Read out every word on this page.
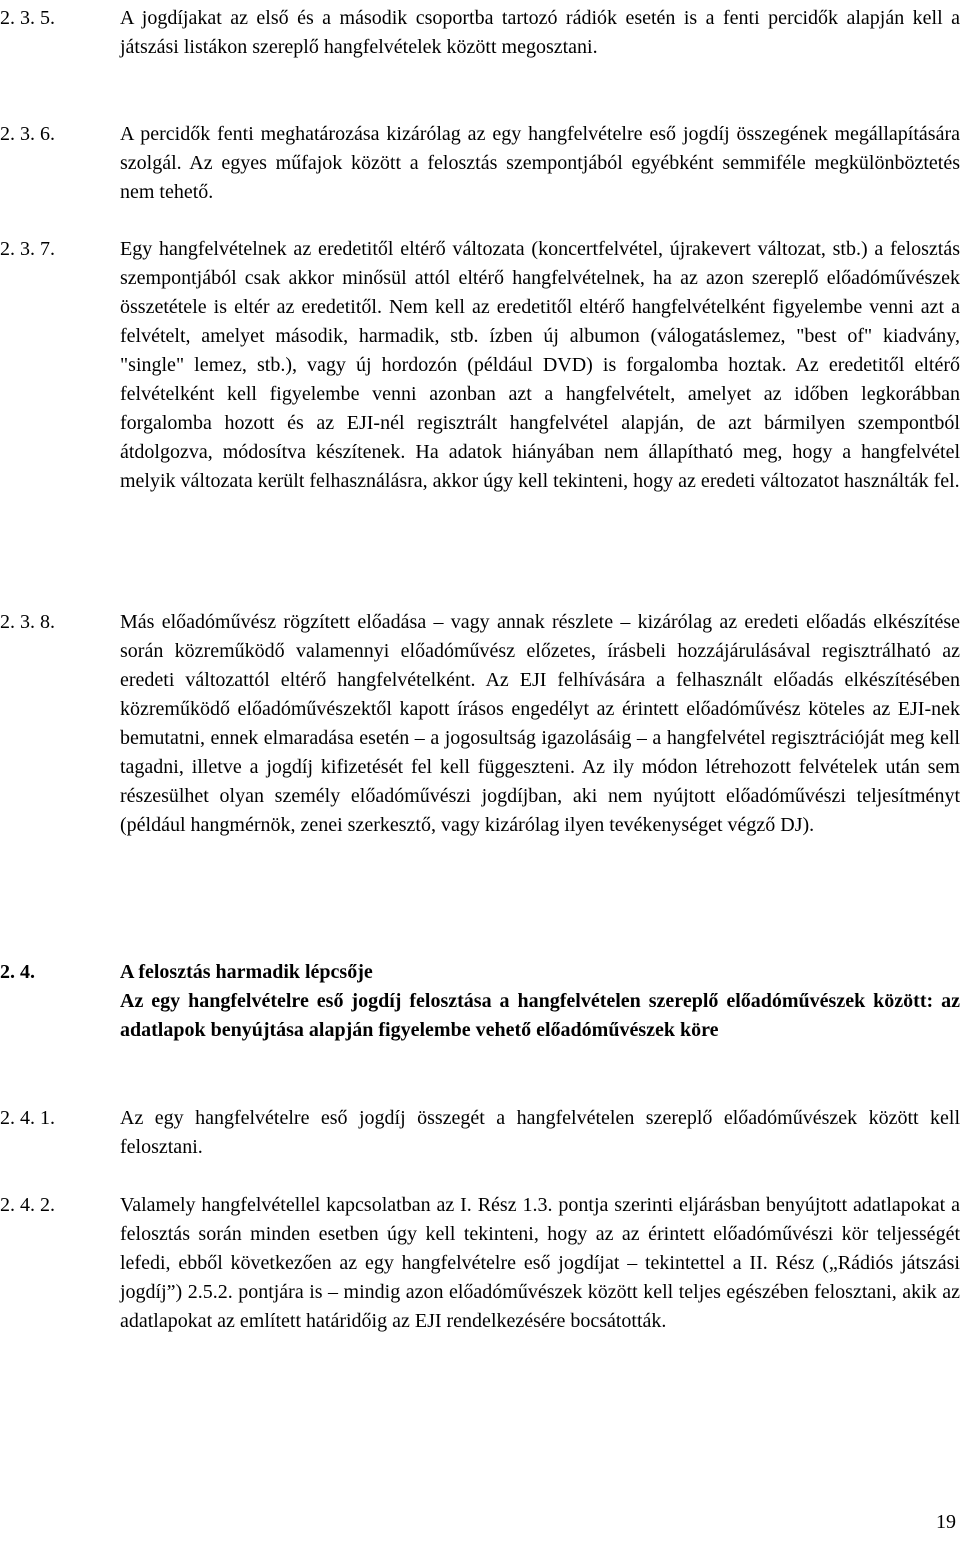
2. 3. 5.	A jogdíjakat az első és a második csoportba tartozó rádiók esetén is a fenti percidők alapján kell a játszási listákon szereplő hangfelvételek között megosztani.
2. 3. 6.	A percidők fenti meghatározása kizárólag az egy hangfelvételre eső jogdíj összegének megállapítására szolgál. Az egyes műfajok között a felosztás szempontjából egyébként semmiféle megkülönböztetés nem tehető.
2. 3. 7.	Egy hangfelvételnek az eredetitől eltérő változata (koncertfelvétel, újrakevert változat, stb.) a felosztás szempontjából csak akkor minősül attól eltérő hangfelvételnek, ha az azon szereplő előadóművészek összetétele is eltér az eredetitől. Nem kell az eredetitől eltérő hangfelvételként figyelembe venni azt a felvételt, amelyet második, harmadik, stb. ízben új albumon (válogatáslemez, "best of" kiadvány, "single" lemez, stb.), vagy új hordozón (például DVD) is forgalomba hoztak. Az eredetitől eltérő felvételként kell figyelembe venni azonban azt a hangfelvételt, amelyet az időben legkorábban forgalomba hozott és az EJI-nél regisztrált hangfelvétel alapján, de azt bármilyen szempontból átdolgozva, módosítva készítenek. Ha adatok hiányában nem állapítható meg, hogy a hangfelvétel melyik változata került felhasználásra, akkor úgy kell tekinteni, hogy az eredeti változatot használták fel.
2. 3. 8.	Más előadóművész rögzített előadása – vagy annak részlete – kizárólag az eredeti előadás elkészítése során közreműködő valamennyi előadóművész előzetes, írásbeli hozzájárulásával regisztrálható az eredeti változattól eltérő hangfelvételként. Az EJI felhívására a felhasznált előadás elkészítésében közreműködő előadóművészektől kapott írásos engedélyt az érintett előadóművész köteles az EJI-nek bemutatni, ennek elmaradása esetén – a jogosultság igazolásáig – a hangfelvétel regisztrációját meg kell tagadni, illetve a jogdíj kifizetését fel kell függeszteni. Az ily módon létrehozott felvételek után sem részesülhet olyan személy előadóművészi jogdíjban, aki nem nyújtott előadóművészi teljesítményt (például hangmérnök, zenei szerkesztő, vagy kizárólag ilyen tevékenységet végző DJ).
2. 4.	A felosztás harmadik lépcsője
Az egy hangfelvételre eső jogdíj felosztása a hangfelvételen szereplő előadóművészek között: az adatlapok benyújtása alapján figyelembe vehető előadóművészek köre
2. 4. 1.	Az egy hangfelvételre eső jogdíj összegét a hangfelvételen szereplő előadóművészek között kell felosztani.
2. 4. 2.	Valamely hangfelvétellel kapcsolatban az I. Rész 1.3. pontja szerinti eljárásban benyújtott adatlapokat a felosztás során minden esetben úgy kell tekinteni, hogy az az érintett előadóművészi kör teljességét lefedi, ebből következően az egy hangfelvételre eső jogdíjat – tekintettel a II. Rész („Rádiós játszási jogdíj”) 2.5.2. pontjára is – mindig azon előadóművészek között kell teljes egészében felosztani, akik az adatlapokat az említett határidőig az EJI rendelkezésére bocsátották.
19
